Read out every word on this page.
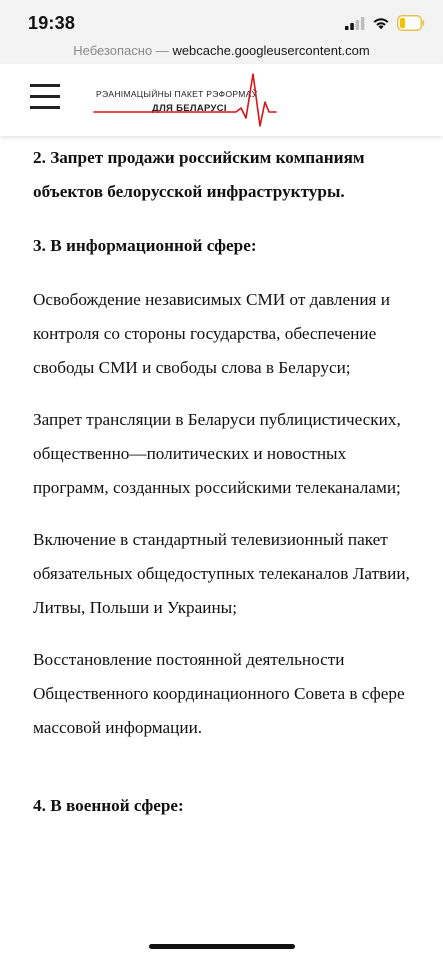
19:38
Небезопасно — webcache.googleusercontent.com
РЭАНІМАЦЫЙНЫ ПАКЕТ РЭФОРМАЎ
ДЛЯ БЕЛАРУСІ

2. Запрет продажи российским компаниям объектов белорусской инфраструктуры.

3. В информационной сфере:

Освобождение независимых СМИ от давления и контроля со стороны государства, обеспечение свободы СМИ и свободы слова в Беларуси;

Запрет трансляции в Беларуси публицистических, общественно—политических и новостных программ, созданных российскими телеканалами;

Включение в стандартный телевизионный пакет обязательных общедоступных телеканалов Латвии, Литвы, Польши и Украины;

Восстановление постоянной деятельности Общественного координационного Совета в сфере массовой информации.

4. В военной сфере:
